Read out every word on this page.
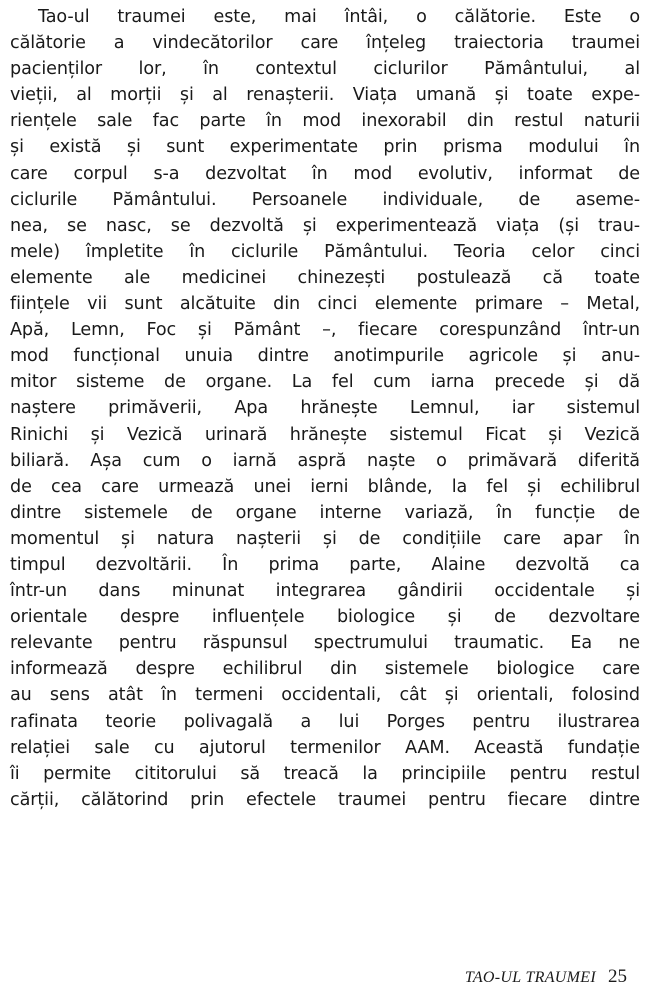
Tao-ul traumei este, mai întâi, o călătorie. Este o
călătorie a vindecătorilor care înțeleg traiectoria traumei
pacienților lor, în contextul ciclurilor Pământului, al
vieții, al morții și al renașterii. Viața umană și toate expe-
riențele sale fac parte în mod inexorabil din restul naturii
și există și sunt experimentate prin prisma modului în
care corpul s-a dezvoltat în mod evolutiv, informat de
ciclurile Pământului. Persoanele individuale, de aseme-
nea, se nasc, se dezvoltă și experimentează viața (și trau-
mele) împletite în ciclurile Pământului. Teoria celor cinci
elemente ale medicinei chinezești postulează că toate
ființele vii sunt alcătuite din cinci elemente primare – Metal,
Apă, Lemn, Foc și Pământ –, fiecare corespunzând într-un
mod funcțional unuia dintre anotimpurile agricole și anu-
mitor sisteme de organe. La fel cum iarna precede și dă
naștere primăverii, Apa hrănește Lemnul, iar sistemul
Rinichi și Vezică urinară hrănește sistemul Ficat și Vezică
biliară. Așa cum o iarnă aspră naște o primăvară diferită
de cea care urmează unei ierni blânde, la fel și echilibrul
dintre sistemele de organe interne variază, în funcție de
momentul și natura nașterii și de condițiile care apar în
timpul dezvoltării. În prima parte, Alaine dezvoltă ca
într-un dans minunat integrarea gândirii occidentale și
orientale despre influențele biologice și de dezvoltare
relevante pentru răspunsul spectrumului traumatic. Ea ne
informează despre echilibrul din sistemele biologice care
au sens atât în termeni occidentali, cât și orientali, folosind
rafinata teorie polivagală a lui Porges pentru ilustrarea
relației sale cu ajutorul termenilor AAM. Această fundație
îi permite cititorului să treacă la principiile pentru restul
cărții, călătorind prin efectele traumei pentru fiecare dintre
TAO-UL TRAUMEI 25
